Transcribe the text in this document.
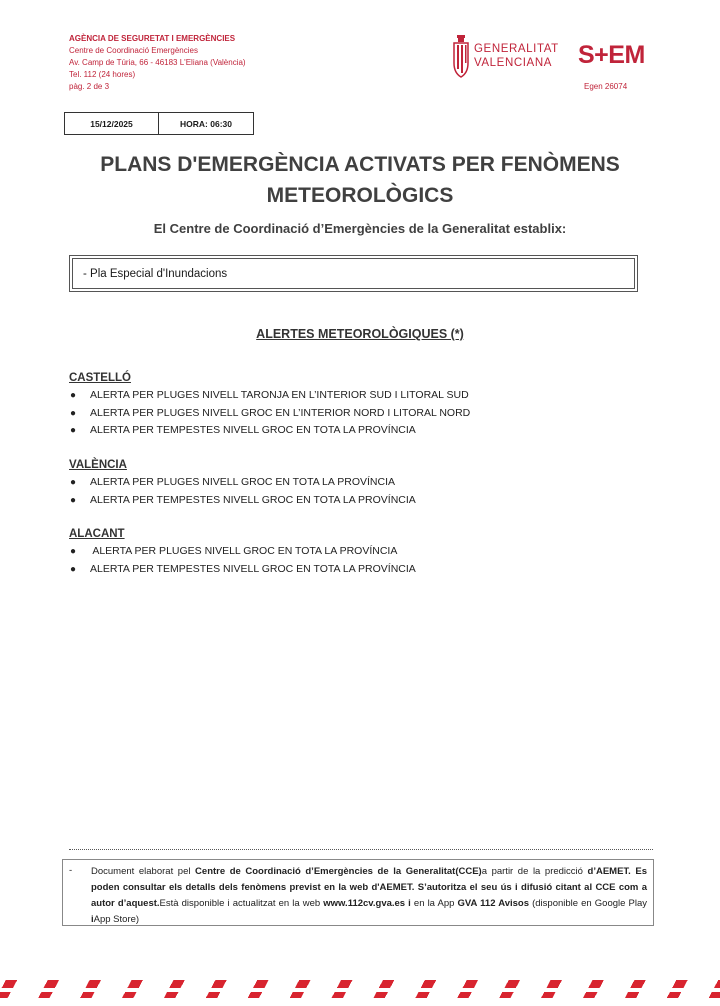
AGÈNCIA DE SEGURETAT I EMERGÈNCIES
Centre de Coordinació Emergències
Av. Camp de Túria, 66 - 46183 L'Eliana (València)
Tel. 112 (24 hores)
pàg. 2 de 3
GENERALITAT
VALENCIANA S+EM
Egen 26074
15/12/2025	HORA: 06:30
PLANS D'EMERGÈNCIA ACTIVATS PER FENÒMENS
METEOROLÒGICS
El Centre de Coordinació d’Emergències de la Generalitat establix:
- Pla Especial d'Inundacions
ALERTES METEOROLÒGIQUES (*)
CASTELLÓ
● ALERTA PER PLUGES NIVELL TARONJA EN L’INTERIOR SUD I LITORAL SUD
● ALERTA PER PLUGES NIVELL GROC EN L’INTERIOR NORD I LITORAL NORD
● ALERTA PER TEMPESTES NIVELL GROC EN TOTA LA PROVÍNCIA
VALÈNCIA
● ALERTA PER PLUGES NIVELL GROC EN TOTA LA PROVÍNCIA
● ALERTA PER TEMPESTES NIVELL GROC EN TOTA LA PROVÍNCIA
ALACANT
● ALERTA PER PLUGES NIVELL GROC EN TOTA LA PROVÍNCIA
● ALERTA PER TEMPESTES NIVELL GROC EN TOTA LA PROVÍNCIA
- Document elaborat pel Centre de Coordinació d’Emergències de la Generalitat(CCE)a partir de la predicció d’AEMET. Es poden consultar els detalls dels fenòmens previst en la web d'AEMET. S’autoritza el seu ús i difusió citant al CCE com a autor d’aquest.Està disponible i actualitzat en la web www.112cv.gva.es i en la App GVA 112 Avisos (disponible en Google Play iApp Store)
